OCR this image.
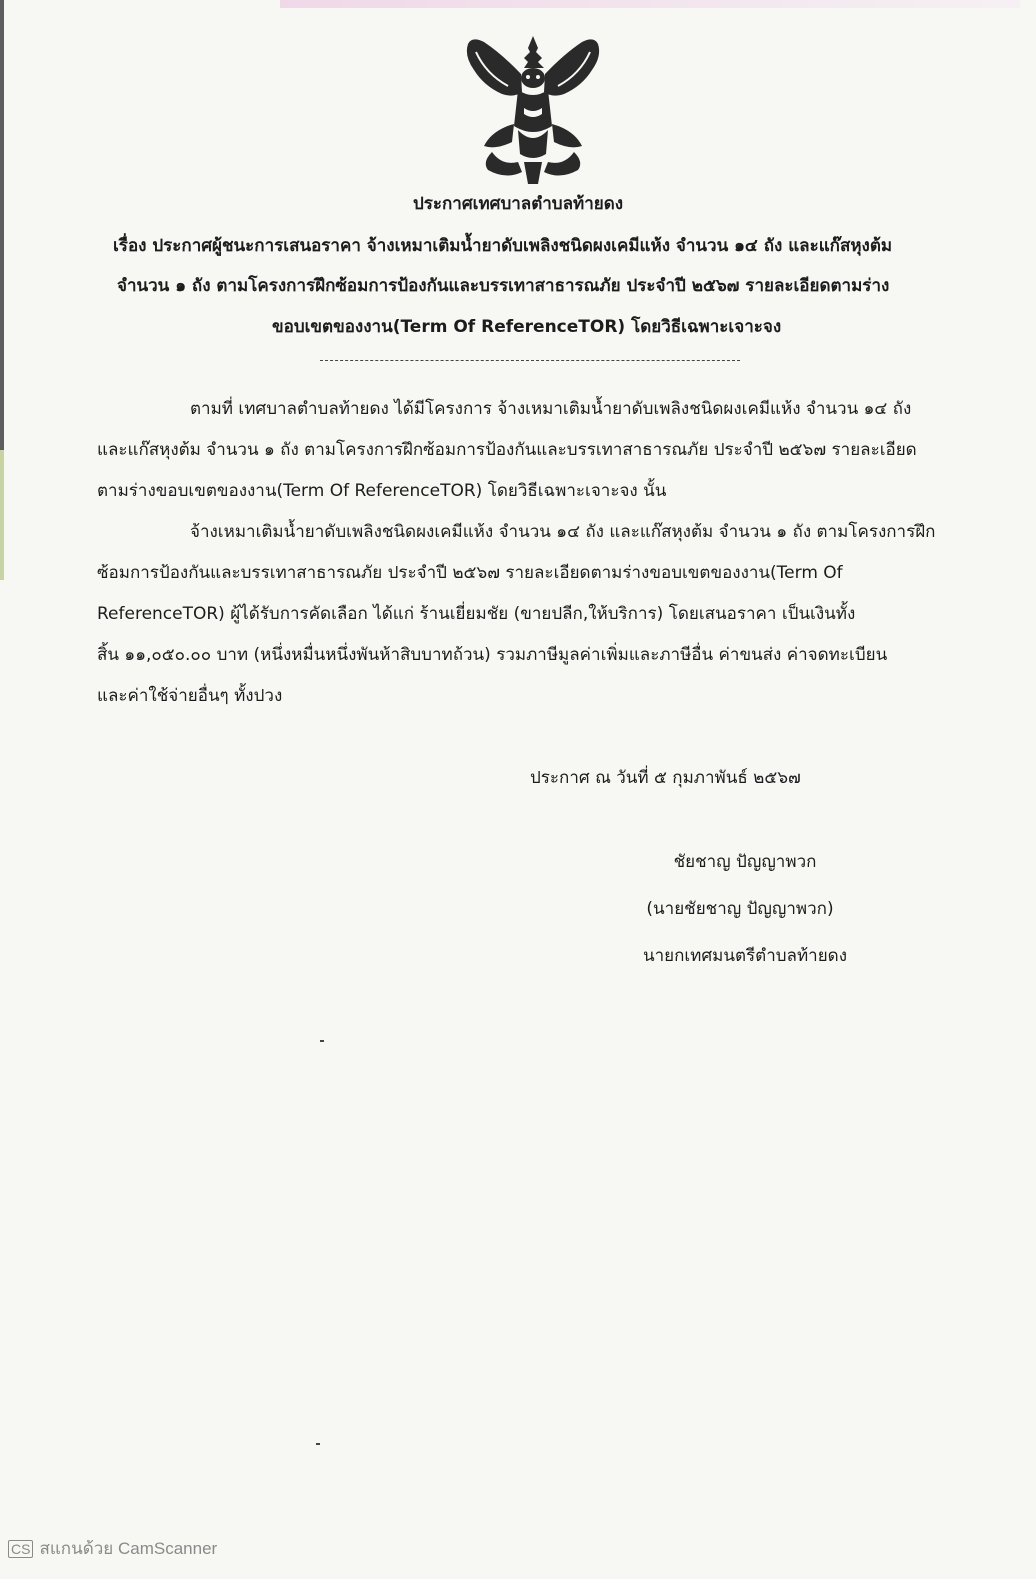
ประกาศเทศบาลตำบลท้ายดง
เรื่อง ประกาศผู้ชนะการเสนอราคา จ้างเหมาเติมน้ำยาดับเพลิงชนิดผงเคมีแห้ง จำนวน ๑๔ ถัง และแก๊สหุงต้ม
จำนวน ๑ ถัง ตามโครงการฝึกซ้อมการป้องกันและบรรเทาสาธารณภัย ประจำปี ๒๕๖๗ รายละเอียดตามร่าง
ขอบเขตของงาน(Term Of ReferenceTOR) โดยวิธีเฉพาะเจาะจง
ตามที่ เทศบาลตำบลท้ายดง ได้มีโครงการ จ้างเหมาเติมน้ำยาดับเพลิงชนิดผงเคมีแห้ง จำนวน ๑๔ ถัง
และแก๊สหุงต้ม จำนวน ๑ ถัง ตามโครงการฝึกซ้อมการป้องกันและบรรเทาสาธารณภัย ประจำปี ๒๕๖๗ รายละเอียด
ตามร่างขอบเขตของงาน(Term Of ReferenceTOR) โดยวิธีเฉพาะเจาะจง นั้น
จ้างเหมาเติมน้ำยาดับเพลิงชนิดผงเคมีแห้ง จำนวน ๑๔ ถัง และแก๊สหุงต้ม จำนวน ๑ ถัง ตามโครงการฝึก
ซ้อมการป้องกันและบรรเทาสาธารณภัย ประจำปี ๒๕๖๗ รายละเอียดตามร่างขอบเขตของงาน(Term Of
ReferenceTOR) ผู้ได้รับการคัดเลือก ได้แก่ ร้านเยี่ยมชัย (ขายปลีก,ให้บริการ) โดยเสนอราคา เป็นเงินทั้ง
สิ้น ๑๑,๐๕๐.๐๐ บาท (หนึ่งหมื่นหนึ่งพันห้าสิบบาทถ้วน) รวมภาษีมูลค่าเพิ่มและภาษีอื่น ค่าขนส่ง ค่าจดทะเบียน
และค่าใช้จ่ายอื่นๆ ทั้งปวง
ประกาศ ณ วันที่ ๕ กุมภาพันธ์ ๒๕๖๗
ชัยชาญ ปัญญาพวก
(นายชัยชาญ ปัญญาพวก)
นายกเทศมนตรีตำบลท้ายดง
CS สแกนด้วย CamScanner
